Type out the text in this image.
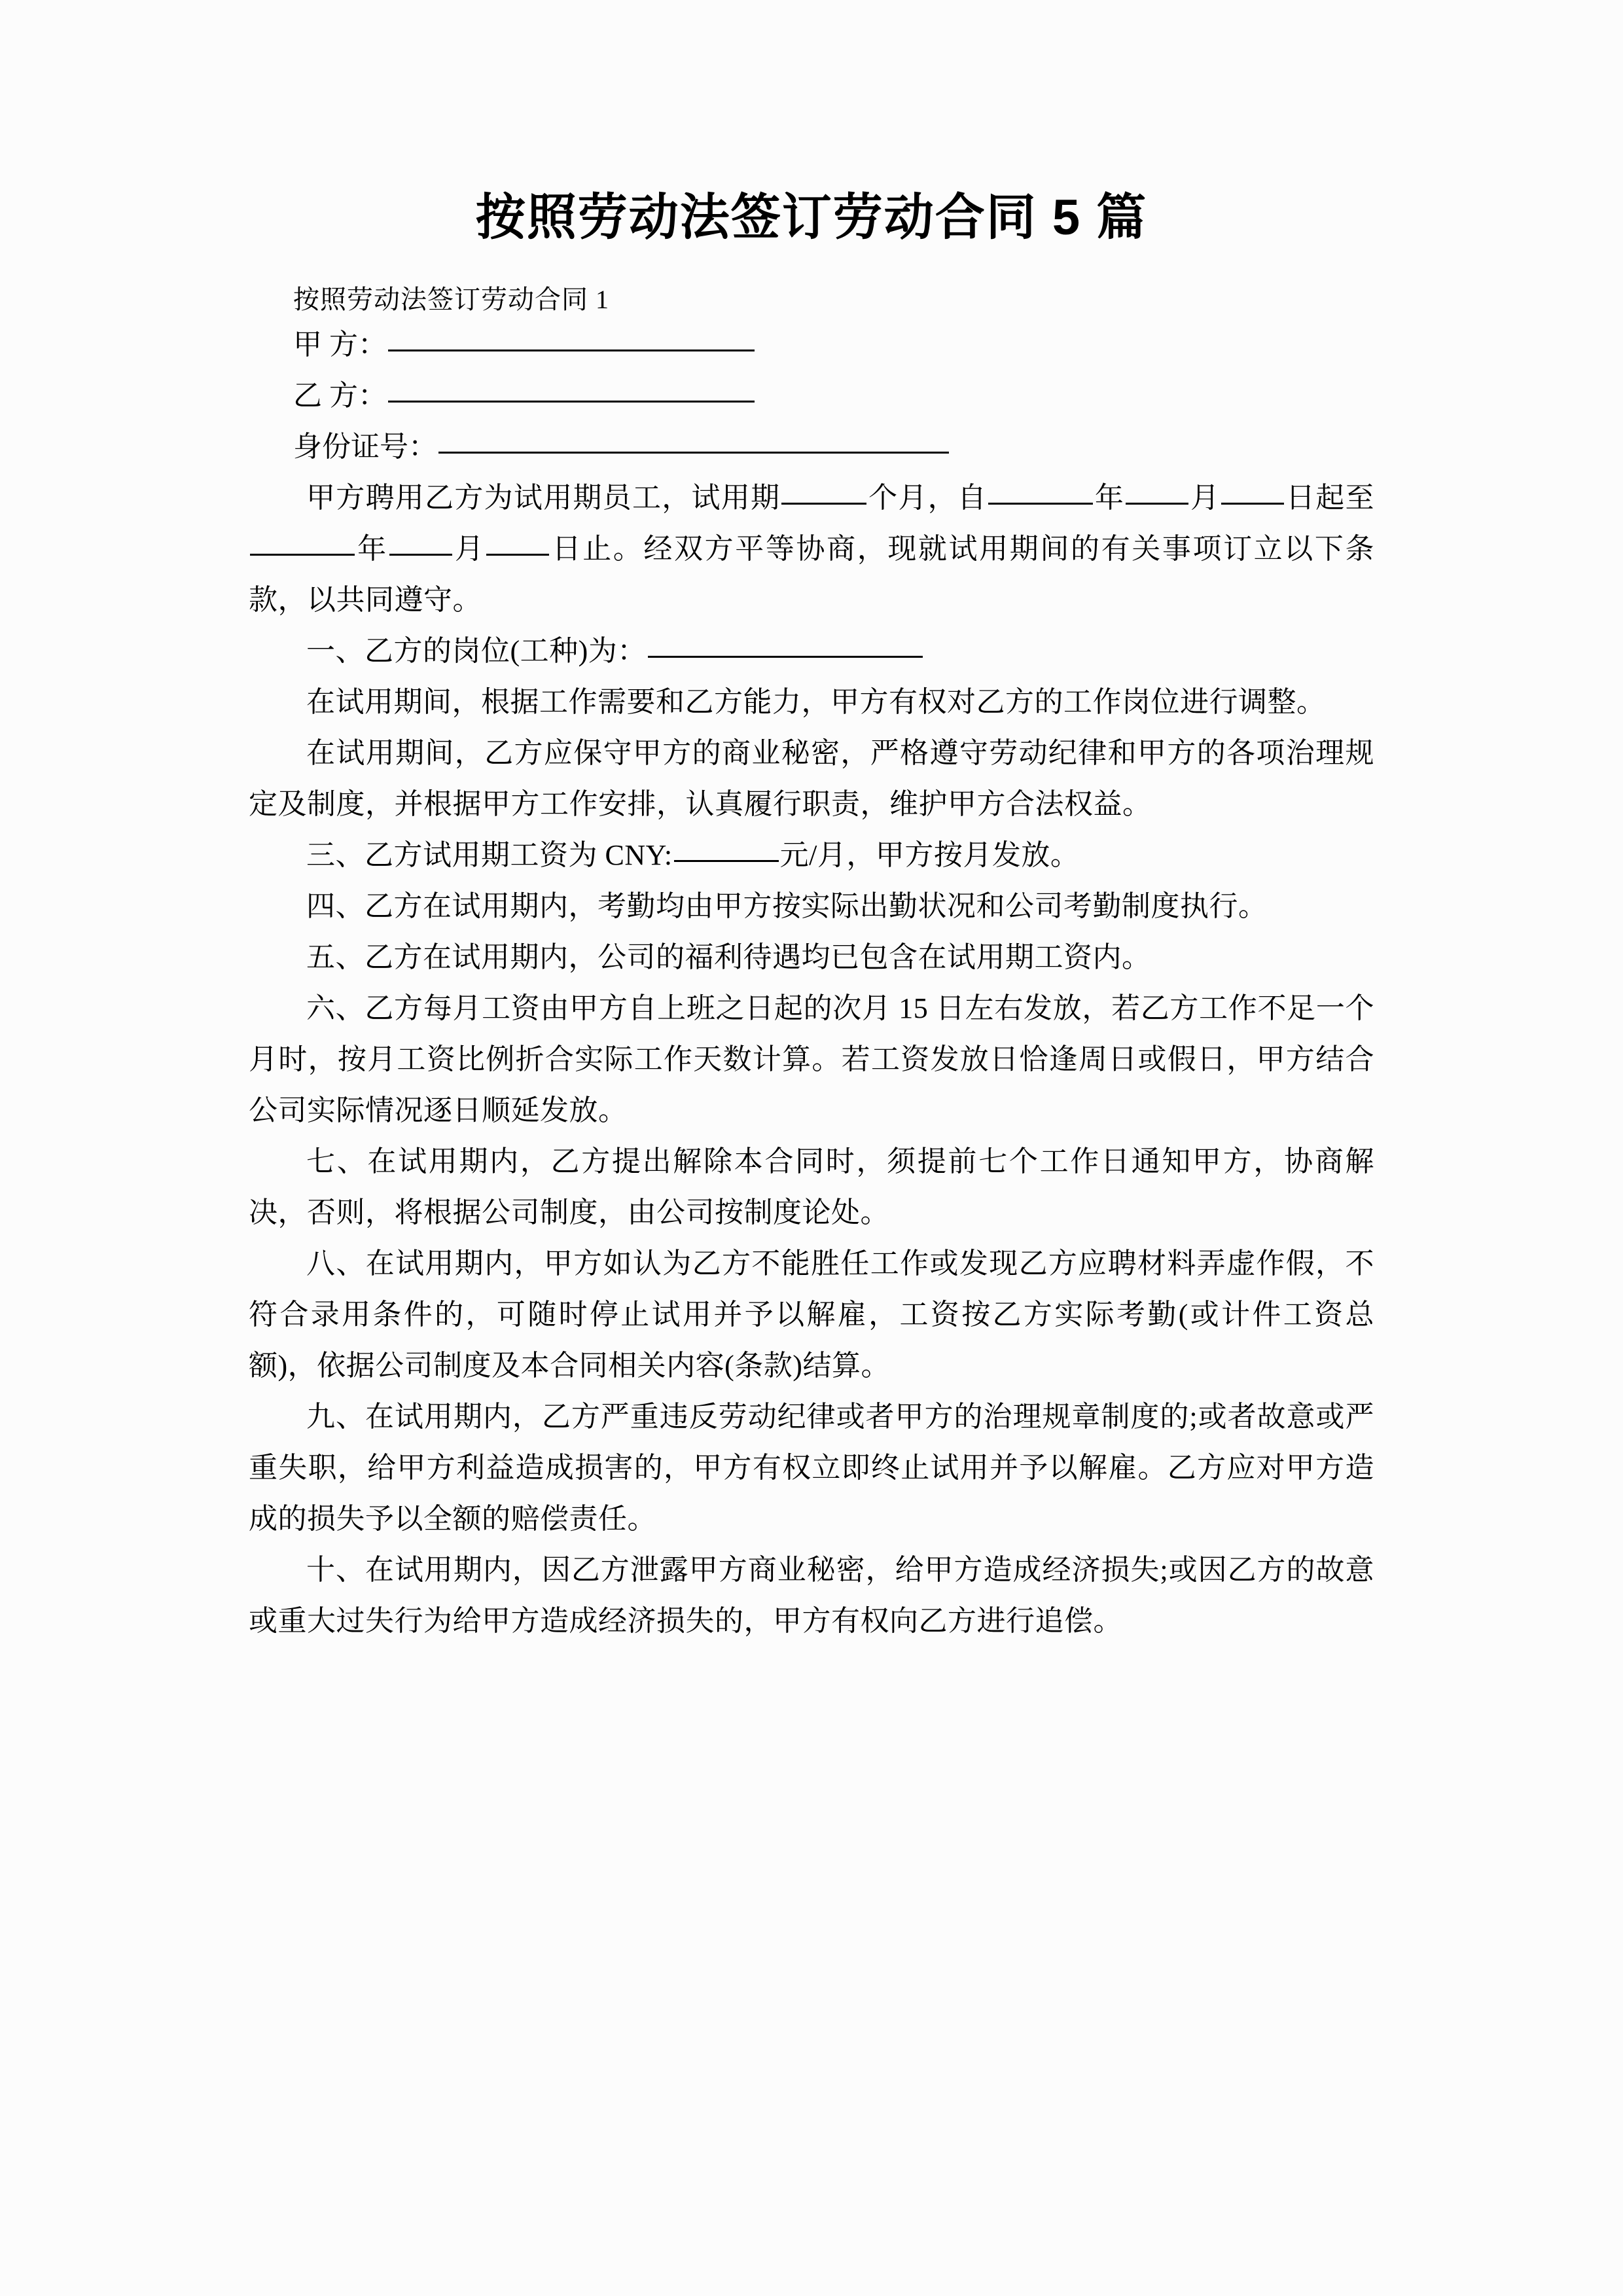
按照劳动法签订劳动合同 5 篇

按照劳动法签订劳动合同 1

甲 方：

乙 方：

身份证号：

甲方聘用乙方为试用期员工，试用期	个月，自	年 月 日起至年 月 日止。经双方平等协商，现就试用期间的有关事项订立以下条款，以共同遵守。

一、乙方的岗位(工种)为：

在试用期间，根据工作需要和乙方能力，甲方有权对乙方的工作岗位进行调整。

在试用期间，乙方应保守甲方的商业秘密，严格遵守劳动纪律和甲方的各项治理规定及制度，并根据甲方工作安排，认真履行职责，维护甲方合法权益。

三、乙方试用期工资为 CNY:	元/月，甲方按月发放。

四、乙方在试用期内，考勤均由甲方按实际出勤状况和公司考勤制度执行。

五、乙方在试用期内，公司的福利待遇均已包含在试用期工资内。

六、乙方每月工资由甲方自上班之日起的次月 15 日左右发放，若乙方工作不足一个月时，按月工资比例折合实际工作天数计算。若工资发放日恰逢周日或假日，甲方结合公司实际情况逐日顺延发放。

七、在试用期内，乙方提出解除本合同时，须提前七个工作日通知甲方，协商解决，否则，将根据公司制度，由公司按制度论处。

八、在试用期内，甲方如认为乙方不能胜任工作或发现乙方应聘材料弄虚作假，不符合录用条件的，可随时停止试用并予以解雇，工资按乙方实际考勤(或计件工资总额)，依据公司制度及本合同相关内容(条款)结算。

九、在试用期内，乙方严重违反劳动纪律或者甲方的治理规章制度的;或者故意或严重失职，给甲方利益造成损害的，甲方有权立即终止试用并予以解雇。乙方应对甲方造成的损失予以全额的赔偿责任。

十、在试用期内，因乙方泄露甲方商业秘密，给甲方造成经济损失;或因乙方的故意或重大过失行为给甲方造成经济损失的，甲方有权向乙方进行追偿。
